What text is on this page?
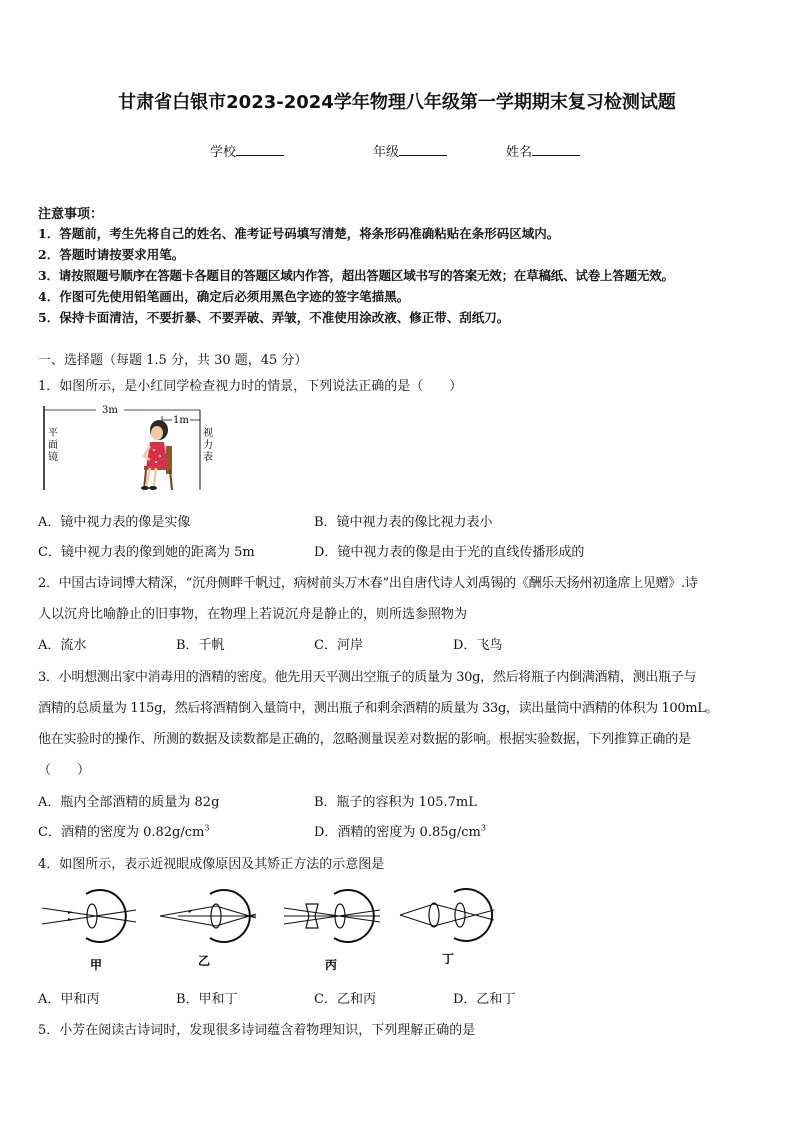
甘肃省白银市2023-2024学年物理八年级第一学期期末复习检测试题
学校	年级	姓名
注意事项：
1．答题前，考生先将自己的姓名、准考证号码填写清楚，将条形码准确粘贴在条形码区域内。
2．答题时请按要求用笔。
3．请按照题号顺序在答题卡各题目的答题区域内作答，超出答题区域书写的答案无效；在草稿纸、试卷上答题无效。
4．作图可先使用铅笔画出，确定后必须用黑色字迹的签字笔描黑。
5．保持卡面清洁，不要折暴、不要弄破、弄皱，不准使用涂改液、修正带、刮纸刀。
一、选择题（每题 1.5 分，共 30 题，45 分）
1．如图所示，是小红同学检查视力时的情景，下列说法正确的是（　　）
3m
1m
平
面
镜
视
力
表
A．镜中视力表的像是实像	B．镜中视力表的像比视力表小
C．镜中视力表的像到她的距离为 5m	D．镜中视力表的像是由于光的直线传播形成的
2．中国古诗词博大精深，“沉舟侧畔千帆过，病树前头万木春”出自唐代诗人刘禹锡的《酬乐天扬州初逢席上见赠》.诗
人以沉舟比喻静止的旧事物，在物理上若说沉舟是静止的，则所选参照物为
A．流水	B．千帆	C．河岸	D．飞鸟
3．小明想测出家中消毒用的酒精的密度。他先用天平测出空瓶子的质量为 30g，然后将瓶子内倒满酒精，测出瓶子与
酒精的总质量为 115g，然后将酒精倒入量筒中，测出瓶子和剩余酒精的质量为 33g，读出量筒中酒精的体积为 100mL。
他在实验时的操作、所测的数据及读数都是正确的，忽略测量误差对数据的影响。根据实验数据，下列推算正确的是
（　　）
A．瓶内全部酒精的质量为 82g	B．瓶子的容积为 105.7mL
C．酒精的密度为 $0.82g/cm^3$	D．酒精的密度为 $0.85g/cm^3$
4．如图所示，表示近视眼成像原因及其矫正方法的示意图是
甲	乙	丙	丁
A．甲和丙	B．甲和丁	C．乙和丙	D．乙和丁
5．小芳在阅读古诗词时，发现很多诗词蕴含着物理知识，下列理解正确的是
